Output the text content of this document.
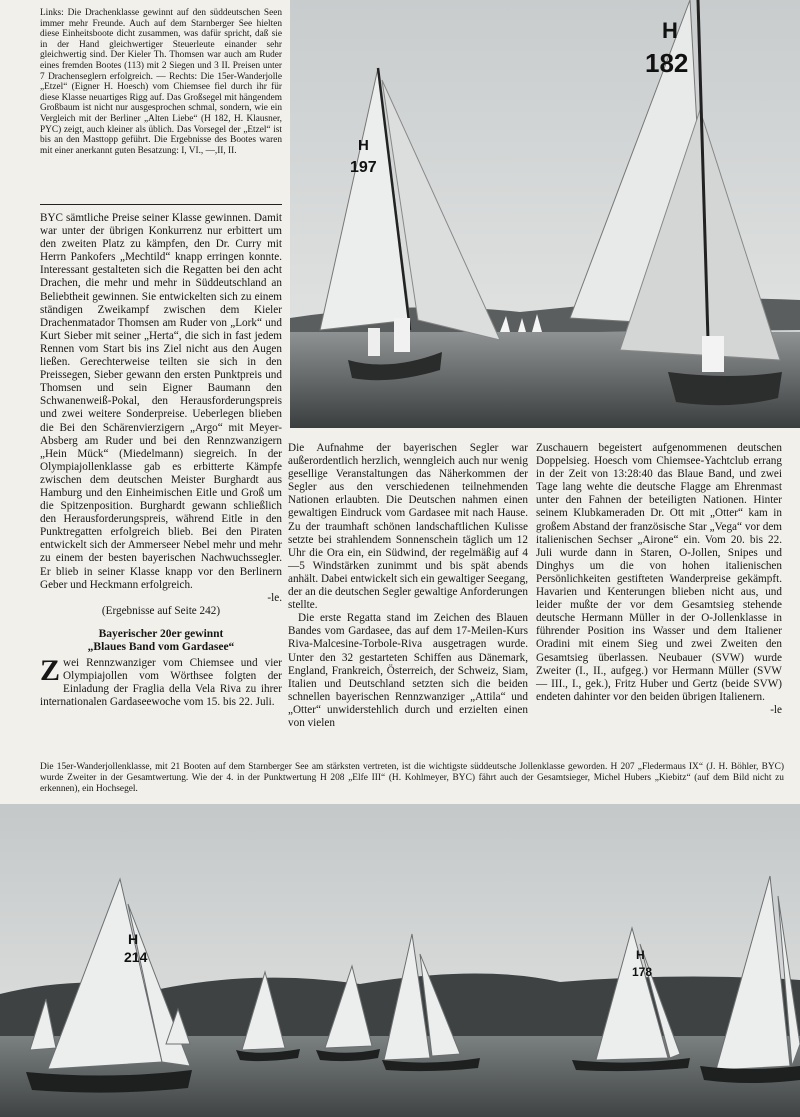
Links: Die Drachenklasse gewinnt auf den süddeutschen Seen immer mehr Freunde. Auch auf dem Starnberger See hielten diese Einheitsboote dicht zusammen, was dafür spricht, daß sie in der Hand gleichwertiger Steuerleute einander sehr gleichwertig sind. Der Kieler Th. Thomsen war auch am Ruder eines fremden Bootes (113) mit 2 Siegen und 3 II. Preisen unter 7 Drachenseglern erfolgreich. — Rechts: Die 15er-Wanderjolle „Etzel“ (Eigner H. Hoesch) vom Chiemsee fiel durch ihr für diese Klasse neuartiges Rigg auf. Das Großsegel mit hängendem Großbaum ist nicht nur ausgesprochen schmal, sondern, wie ein Vergleich mit der Berliner „Alten Liebe“ (H 182, H. Klausner, PYC) zeigt, auch kleiner als üblich. Das Vorsegel der „Etzel“ ist bis an den Masttopp geführt. Die Ergebnisse des Bootes waren mit einer anerkannt guten Besatzung: I, VI., —,II, II.	H
197
H
182

BYC sämtliche Preise seiner Klasse gewinnen. Damit war unter der übrigen Konkurrenz nur erbittert um den zweiten Platz zu kämpfen, den Dr. Curry mit Herrn Pankofers „Mechtild“ knapp erringen konnte. Interessant gestalteten sich die Regatten bei den acht Drachen, die mehr und mehr in Süddeutschland an Beliebtheit gewinnen. Sie entwickelten sich zu einem ständigen Zweikampf zwischen dem Kieler Drachenmatador Thomsen am Ruder von „Lork“ und Kurt Sieber mit seiner „Herta“, die sich in fast jedem Rennen vom Start bis ins Ziel nicht aus den Augen ließen. Gerechterweise teilten sie sich in den Preissegen, Sieber gewann den ersten Punktpreis und Thomsen und sein Eigner Baumann den Schwanenweiß-Pokal, den Herausforderungspreis und zwei weitere Sonderpreise. Ueberlegen blieben die Bei den Schärenvierzigern „Argo“ mit Meyer-Absberg am Ruder und bei den Rennzwanzigern „Hein Mück“ (Miedelmann) siegreich. In der Olympiajollenklasse gab es erbitterte Kämpfe zwischen dem deutschen Meister Burghardt aus Hamburg und den Einheimischen Eitle und Groß um die Spitzenposition. Burghardt gewann schließlich den Herausforderungspreis, während Eitle in den Punktregatten erfolgreich blieb. Bei den Piraten entwickelt sich der Ammerseer Nebel mehr und mehr zu einem der besten bayerischen Nachwuchssegler. Er blieb in seiner Klasse knapp vor den Berlinern Geber und Heckmann erfolgreich.

-le.
(Ergebnisse auf Seite 242)
Bayerischer 20er gewinnt
„Blaues Band vom Gardasee“

Zwei Rennzwanziger vom Chiemsee und vier Olympiajollen vom Wörthsee folgten der Einladung der Fraglia della Vela Riva zu ihrer internationalen Gardaseewoche vom 15. bis 22. Juli.

Die Aufnahme der bayerischen Segler war außerordentlich herzlich, wenngleich auch nur wenig gesellige Veranstaltungen das Näherkommen der Segler aus den verschiedenen teilnehmenden Nationen erlaubten. Die Deutschen nahmen einen gewaltigen Eindruck vom Gardasee mit nach Hause. Zu der traumhaft schönen landschaftlichen Kulisse setzte bei strahlendem Sonnenschein täglich um 12 Uhr die Ora ein, ein Südwind, der regelmäßig auf 4—5 Windstärken zunimmt und bis spät abends anhält. Dabei entwickelt sich ein gewaltiger Seegang, der an die deutschen Segler gewaltige Anforderungen stellte.

Die erste Regatta stand im Zeichen des Blauen Bandes vom Gardasee, das auf dem 17-Meilen-Kurs Riva-Malcesine-Torbole-Riva ausgetragen wurde. Unter den 32 gestarteten Schiffen aus Dänemark, England, Frankreich, Österreich, der Schweiz, Siam, Italien und Deutschland setzten sich die beiden schnellen bayerischen Rennzwanziger „Attila“ und „Otter“ unwiderstehlich durch und erzielten einen von vielen

Zuschauern begeistert aufgenommenen deutschen Doppelsieg. Hoesch vom Chiemsee-Yachtclub errang in der Zeit von 13:28:40 das Blaue Band, und zwei Tage lang wehte die deutsche Flagge am Ehrenmast unter den Fahnen der beteiligten Nationen. Hinter seinem Klubkameraden Dr. Ott mit „Otter“ kam in großem Abstand der französische Star „Vega“ vor dem italienischen Sechser „Airone“ ein. Vom 20. bis 22. Juli wurde dann in Staren, O-Jollen, Snipes und Dinghys um die von hohen italienischen Persönlichkeiten gestifteten Wanderpreise gekämpft. Havarien und Kenterungen blieben nicht aus, und leider mußte der vor dem Gesamtsieg stehende deutsche Hermann Müller in der O-Jollenklasse in führender Position ins Wasser und dem Italiener Oradini mit einem Sieg und zwei Zweiten den Gesamtsieg überlassen. Neubauer (SVW) wurde Zweiter (I., II., aufgeg.) vor Hermann Müller (SVW — III., I., gek.), Fritz Huber und Gertz (beide SVW) endeten dahinter vor den beiden übrigen Italienern.

-le
Die 15er-Wanderjollenklasse, mit 21 Booten auf dem Starnberger See am stärksten vertreten, ist die wichtigste süddeutsche Jollenklasse geworden. H 207 „Fledermaus IX“ (J. H. Böhler, BYC) wurde Zweiter in der Gesamtwertung. Wie der 4. in der Punktwertung H 208 „Elfe III“ (H. Kohlmeyer, BYC) fährt auch der Gesamtsieger, Michel Hubers „Kiebitz“ (auf dem Bild nicht zu erkennen), ein Hochsegel.
H
214	H
178
